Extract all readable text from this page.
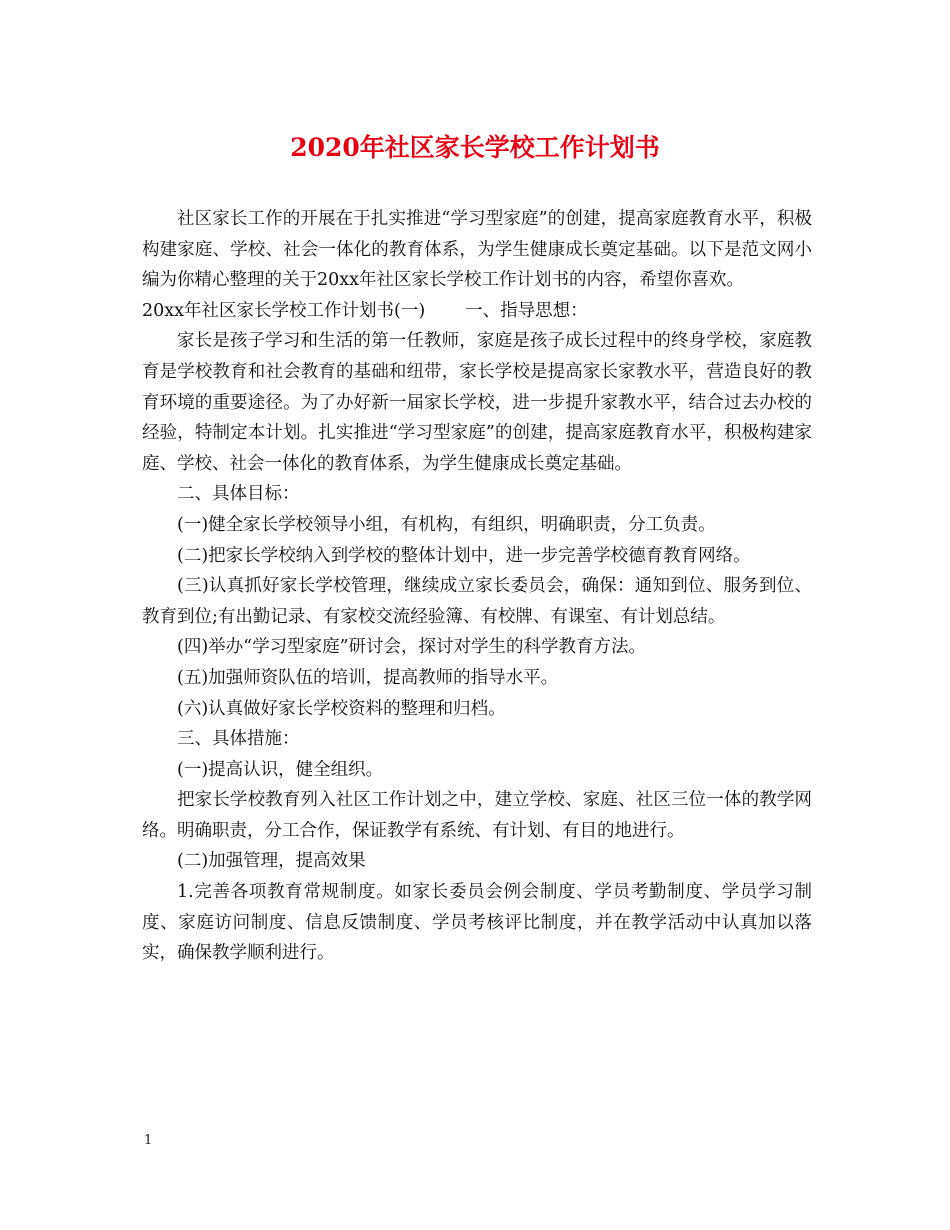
2020年社区家长学校工作计划书

社区家长工作的开展在于扎实推进“学习型家庭”的创建，提高家庭教育水平，积极构建家庭、学校、社会一体化的教育体系，为学生健康成长奠定基础。以下是范文网小编为你精心整理的关于20xx年社区家长学校工作计划书的内容，希望你喜欢。

20xx年社区家长学校工作计划书(一) 一、指导思想：

家长是孩子学习和生活的第一任教师，家庭是孩子成长过程中的终身学校，家庭教育是学校教育和社会教育的基础和纽带，家长学校是提高家长家教水平，营造良好的教育环境的重要途径。为了办好新一届家长学校，进一步提升家教水平，结合过去办校的经验，特制定本计划。扎实推进“学习型家庭”的创建，提高家庭教育水平，积极构建家庭、学校、社会一体化的教育体系，为学生健康成长奠定基础。

二、具体目标：

(一)健全家长学校领导小组，有机构，有组织，明确职责，分工负责。

(二)把家长学校纳入到学校的整体计划中，进一步完善学校德育教育网络。

(三)认真抓好家长学校管理，继续成立家长委员会，确保：通知到位、服务到位、教育到位;有出勤记录、有家校交流经验簿、有校牌、有课室、有计划总结。

(四)举办“学习型家庭”研讨会，探讨对学生的科学教育方法。

(五)加强师资队伍的培训，提高教师的指导水平。

(六)认真做好家长学校资料的整理和归档。

三、具体措施：

(一)提高认识，健全组织。

把家长学校教育列入社区工作计划之中，建立学校、家庭、社区三位一体的教学网络。明确职责，分工合作，保证教学有系统、有计划、有目的地进行。

(二)加强管理，提高效果

1.完善各项教育常规制度。如家长委员会例会制度、学员考勤制度、学员学习制度、家庭访问制度、信息反馈制度、学员考核评比制度，并在教学活动中认真加以落实，确保教学顺利进行。

1
